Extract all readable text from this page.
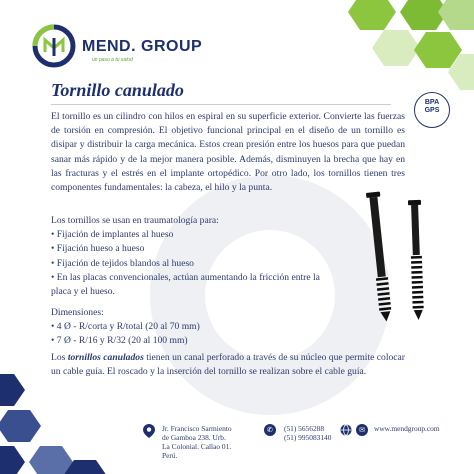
MEND. GROUP
un paso a tu salud
Tornillo canulado
BPA
GPS
El tornillo es un cilindro con hilos en espiral en su superficie exterior. Convierte las fuerzas de torsión en compresión. El objetivo funcional principal en el diseño de un tornillo es disipar y distribuir la carga mecánica. Estos crean presión entre los huesos para que puedan sanar más rápido y de la mejor manera posible. Además, disminuyen la brecha que hay en las fracturas y el estrés en el implante ortopédico. Por otro lado, los tornillos tienen tres componentes fundamentales: la cabeza, el hilo y la punta.
Los tornillos se usan en traumatología para:
• Fijación de implantes al hueso
• Fijación hueso a hueso
• Fijación de tejidos blandos al hueso
• En las placas convencionales, actúan aumentando la fricción entre la
placa y el hueso.
Dimensiones:
• 4 Ø - R/corta y R/total (20 al 70 mm)
• 7 Ø - R/16 y R/32 (20 al 100 mm)
Los tornillos canulados tienen un canal perforado a través de su núcleo que permite colocar un cable guía. El roscado y la inserción del tornillo se realizan sobre el cable guía.
Jr. Francisco Sarmiento
de Gamboa 238. Urb.
La Colonial. Callao 01.
Perú.
✆	(51) 5656288
(51) 995083140
✉	www.mendgroup.com
